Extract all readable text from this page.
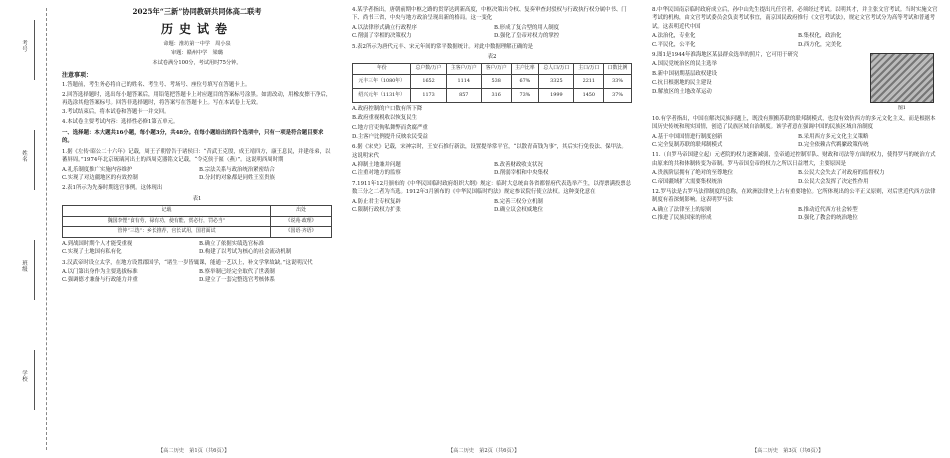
考号
姓名
班级
学校

2025年“三新”协同教研共同体高二联考

历史试卷

命题：淮坊第一中学　周小泉

审题：赣州中学　梁璐

本试卷满分100分，考试用时75分钟。

注意事项：

1.答题前，考生务必将自己的姓名、考生号、考场号、座位号填写在答题卡上。

2.回答选择题时，选出每小题答案后，用铅笔把答题卡上对应题目的答案标号涂黑。如需改动，用橡皮擦干净后，再选涂其他答案标号。回答非选择题时，将答案写在答题卡上。写在本试卷上无效。

3.考试结束后，将本试卷和答题卡一并交回。

4.本试卷主要考试内容：选择性必修1第五单元。

一、选择题：本大题共16小题，每小题3分，共48分。在每小题给出的四个选项中，只有一项是符合题目要求的。

1.据《左传·昭公二十六年》记载，周王子朝曾告于诸侯曰：“昔武王克殷，成王靖四方，康王息民，并建母弟，以蕃屏周。”1974年北京琉璃河出土的西周克器铭文记载，“令克侯于匽（燕）”。这说明西周时期

A.礼乐制度推广实施内容维护	B.宗法关系与政治统治紧密结合
C.实现了对边疆地区的有效控制	D.分封的对象都是同姓王室贵族

2.表1所示为先秦时期选官事例。这体现出

表1

记载	出处
魏国李悝“食有劳，禄有功，使有能，赏必行，罚必当”	《说苑·政理》
管仲“三选”：乡长推荐，官长试用，国君面试	《国语·齐语》
A.到战国时期个人才能受重视	B.确立了依据实绩选官标准
C.实现了土地国有私有化	D.构建了以考试为核心的社会流动机制

3.汉武帝时设立太学，在地方设置郡国学，“诸生一岁皆辄课，能通一艺以上，补文学掌故缺。”这说明汉代

A.以门第出身作为主要选拔标准	B.察举制已经完全取代了世袭制
C.强调德才兼备与行政能力并重	D.建立了一套完整选官考核体系
【高二历史　第1页（共6页）】

4.某学者指出，唐朝前期中枢之路的贯穿达到新高度，中枢决策出令权、复奏审查封驳权与行政执行权分属中书、门下、尚书三省，中央与地方政治呈现出新的格局。这一变化

A.以法律形式确立行政程序	B.形成了复合型的用人制度
C.削弱了宰相的决策权力	D.强化了皇帝对权力的掌控

5.表2所示为唐代元丰、宋元年间的常平数据统计。对此中数据理解正确的是

表2

年份	总户数/万户	主客户/万户	客户/万户	主户比率	总人口/万口	主口/万口	口数比例
元丰三年（1080年）	1652	1114	538	67%	3325	2211	33%
绍兴元年（1131年）	1173	857	316	73%	1999	1450	37%

A.政府控制的户口数有所下降

B.政府重视税收以恢复民生

C.地方官吏徇私舞弊而贪腐严重

D.主客户比例提升反映农民受益

6.据《宋史》记载，宋神宗时，王安石推行新法，设置提举常平官，“以散青苗钱为事”，其后实行免役法、保甲法。这说明宋代

A.抑制土地兼并问题	B.改善财政收支状况
C.注重对地方的监察	D.削弱宰相和中央集权

7.1911年12月颁布的《中华民国临时政府组织大纲》规定：临时大总统由各省都督府代表选举产生，以得票满投票总数三分之二者为当选。1912年3月颁布的《中华民国临时约法》规定参议院行使立法权。这种变化意在

A.防止君主专权复辟	B.完善三权分立机制
C.限制行政权力扩张	D.确立议会权威地位
【高二历史　第2页（共6页）】

8.中华民国南京临时政府成立后，孙中山先生提出凡任官者，必须经过考试。以明其才，并主张文官考试。当时实施文官考试的机构，由文官考试委员会负责考试事宜，南京国民政府推行《文官考试法》，规定文官考试分为高等考试和普通考试。这表明近代中国

A.法治化，专业化	B.集权化，政治化
C.平民化，公平化	D.西方化，完美化

9.图1是1944年淮海地区某县群众选举的照片，它可用于研究

A.国民党统治区的民主选举

B.新中国初期基层政权建设

C.抗日根据地的民主建设

D.解放区的土地改革运动

图1

10.有学者指出，中国在解决民族问题上，既没有照搬苏联的联邦制模式，也没有效仿西方的多元文化主义，而是根据本国历史传统和现实国情，创造了民族区域自治制度。该学者意在强调中国的民族区域自治制度

A.基于中国国情进行制度创新	B.采用西方多元文化主义策略
C.完全复制苏联的联邦制模式	D.完全依赖古代羁縻政策传统

11.（自罗马帝国建立起）元老院的权力逐渐减弱，皇帝通过控制军队、财政和司法等方面的权力，使得罗马的统治方式由原来的共和体制转变为帝制。罗马帝国皇帝的权力之所以日益增大，主要原因是

A.贵族阶层拥有了绝对的至尊地位	B.公民大会失去了对政府的监督权力
C.帝国疆域扩大需要集权统治	D.公民大会发挥了决定性作用

12.罗马法是古罗马法律制度的总称，在欧洲法律史上占有重要地位。它所体现出的公平正义原则，对后世近代西方法律制度有着深刻影响。这表明罗马法

A.确立了法律至上的原则	B.推动近代西方社会转型
C.推进了民族国家的形成	D.强化了教会的统治地位
【高二历史　第3页（共6页）】
